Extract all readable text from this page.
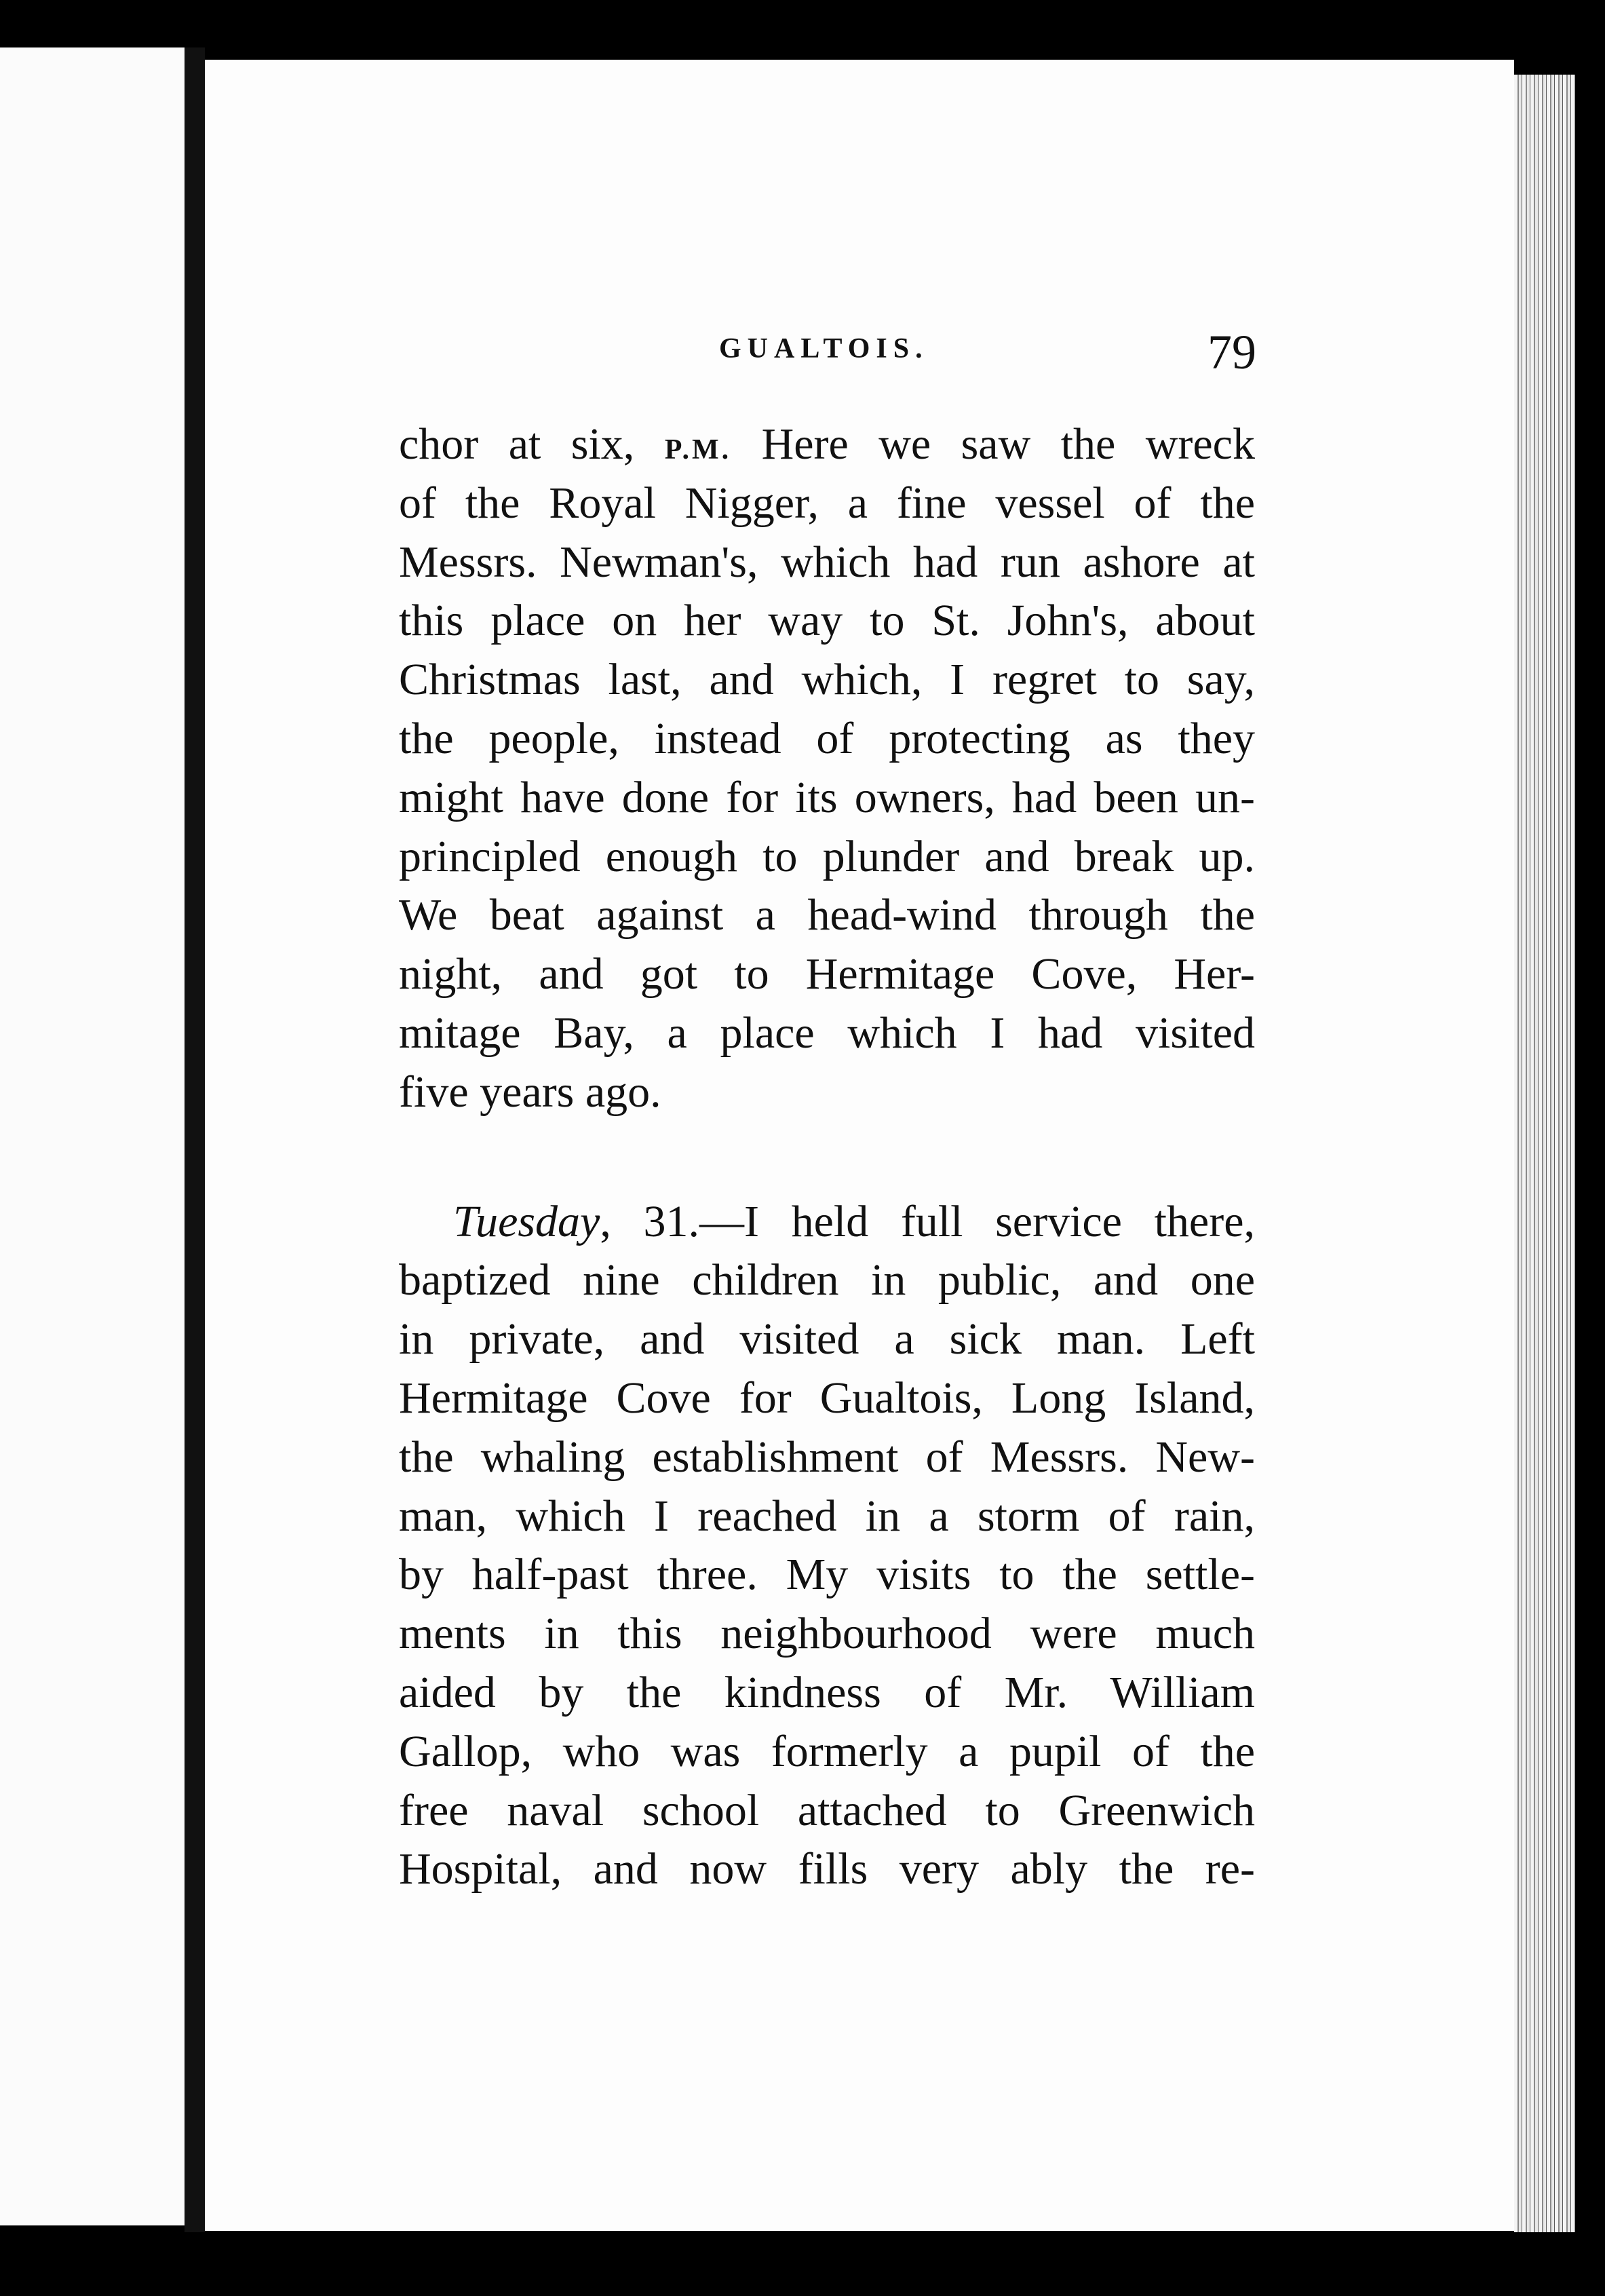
GUALTOIS.	79
chor at six, P.M. Here we saw the wreck
of the Royal Nigger, a fine vessel of the
Messrs. Newman's, which had run ashore at
this place on her way to St. John's, about
Christmas last, and which, I regret to say,
the people, instead of protecting as they
might have done for its owners, had been un-
principled enough to plunder and break up.
We beat against a head-wind through the
night, and got to Hermitage Cove, Her-
mitage Bay, a place which I had visited
five years ago.
Tuesday, 31.—I held full service there,
baptized nine children in public, and one
in private, and visited a sick man. Left
Hermitage Cove for Gualtois, Long Island,
the whaling establishment of Messrs. New-
man, which I reached in a storm of rain,
by half-past three. My visits to the settle-
ments in this neighbourhood were much
aided by the kindness of Mr. William
Gallop, who was formerly a pupil of the
free naval school attached to Greenwich
Hospital, and now fills very ably the re-
